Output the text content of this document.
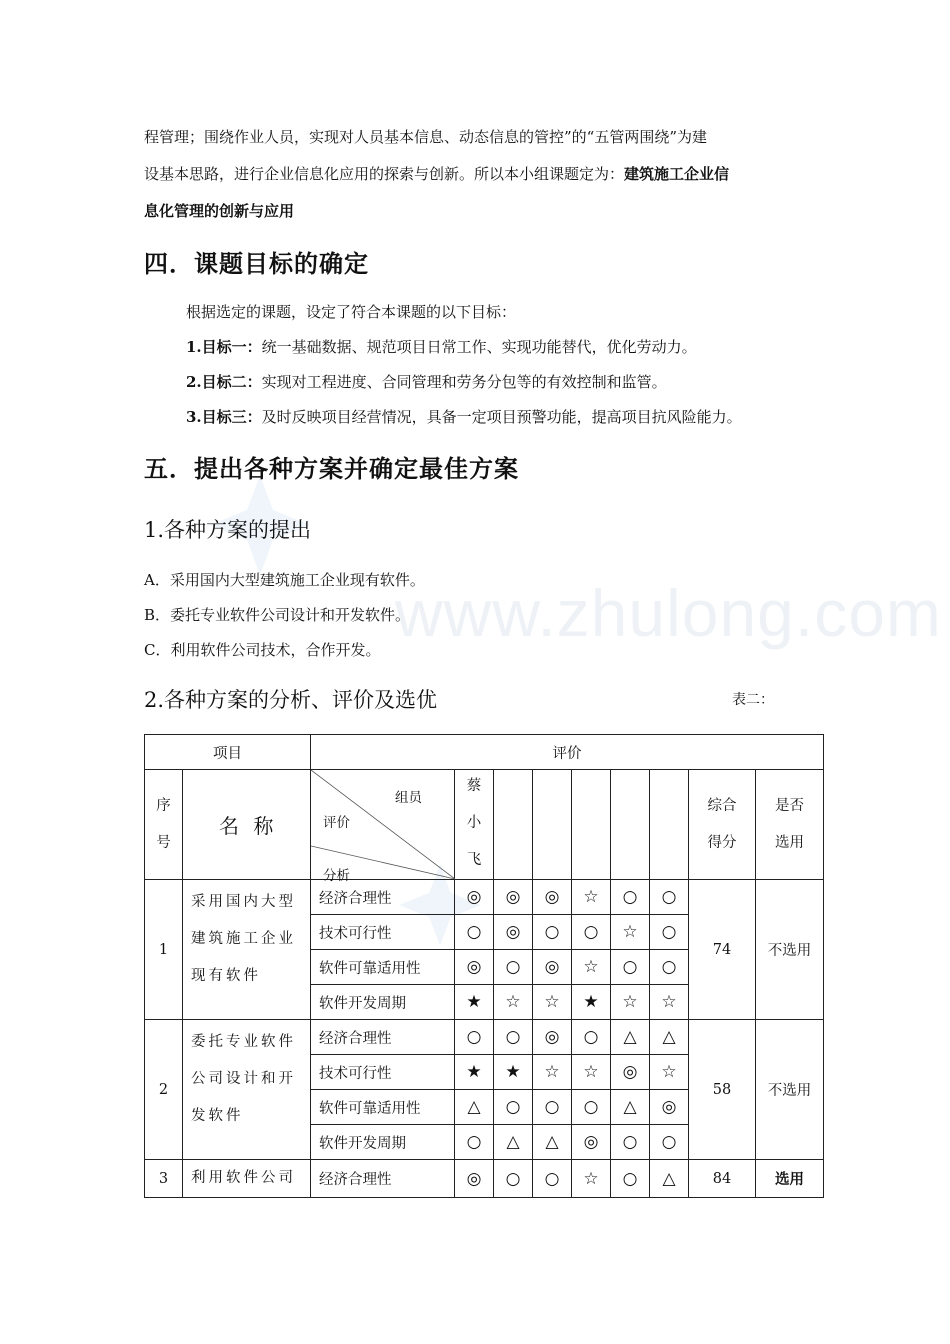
www.zhulong.com

程管理；围绕作业人员，实现对人员基本信息、动态信息的管控”的“五管两围绕”为建
设基本思路，进行企业信息化应用的探索与创新。所以本小组课题定为：建筑施工企业信
息化管理的创新与应用

四．课题目标的确定

根据选定的课题，设定了符合本课题的以下目标：

1.目标一：统一基础数据、规范项目日常工作、实现功能替代，优化劳动力。

2.目标二：实现对工程进度、合同管理和劳务分包等的有效控制和监管。

3.目标三：及时反映项目经营情况，具备一定项目预警功能，提高项目抗风险能力。

五．提出各种方案并确定最佳方案
1.各种方案的提出

A．采用国内大型建筑施工企业现有软件。

B．委托专业软件公司设计和开发软件。

C．利用软件公司技术，合作开发。

2.各种方案的分析、评价及选优	表二：
项目		评价								

序
号	名 称	组员
评价
分析	蔡
小
飞						综合
得分	是否
选用

1	采用国内大型建筑施工企业现有软件	经济合理性	◎	◎	◎	☆	○	○	74	不选用
		技术可行性	○	◎	○	○	☆	○		
		软件可靠适用性	◎	○	◎	☆	○	○		
		软件开发周期	★	☆	☆	★	☆	☆		
2	委托专业软件公司设计和开发软件	经济合理性	○	○	◎	○	△	△	58	不选用
		技术可行性	★	★	☆	☆	◎	☆		
		软件可靠适用性	△	○	○	○	△	◎		
		软件开发周期	○	△	△	◎	○	○		
3	利用软件公司	经济合理性	◎	○	○	☆	○	△	84	选用
